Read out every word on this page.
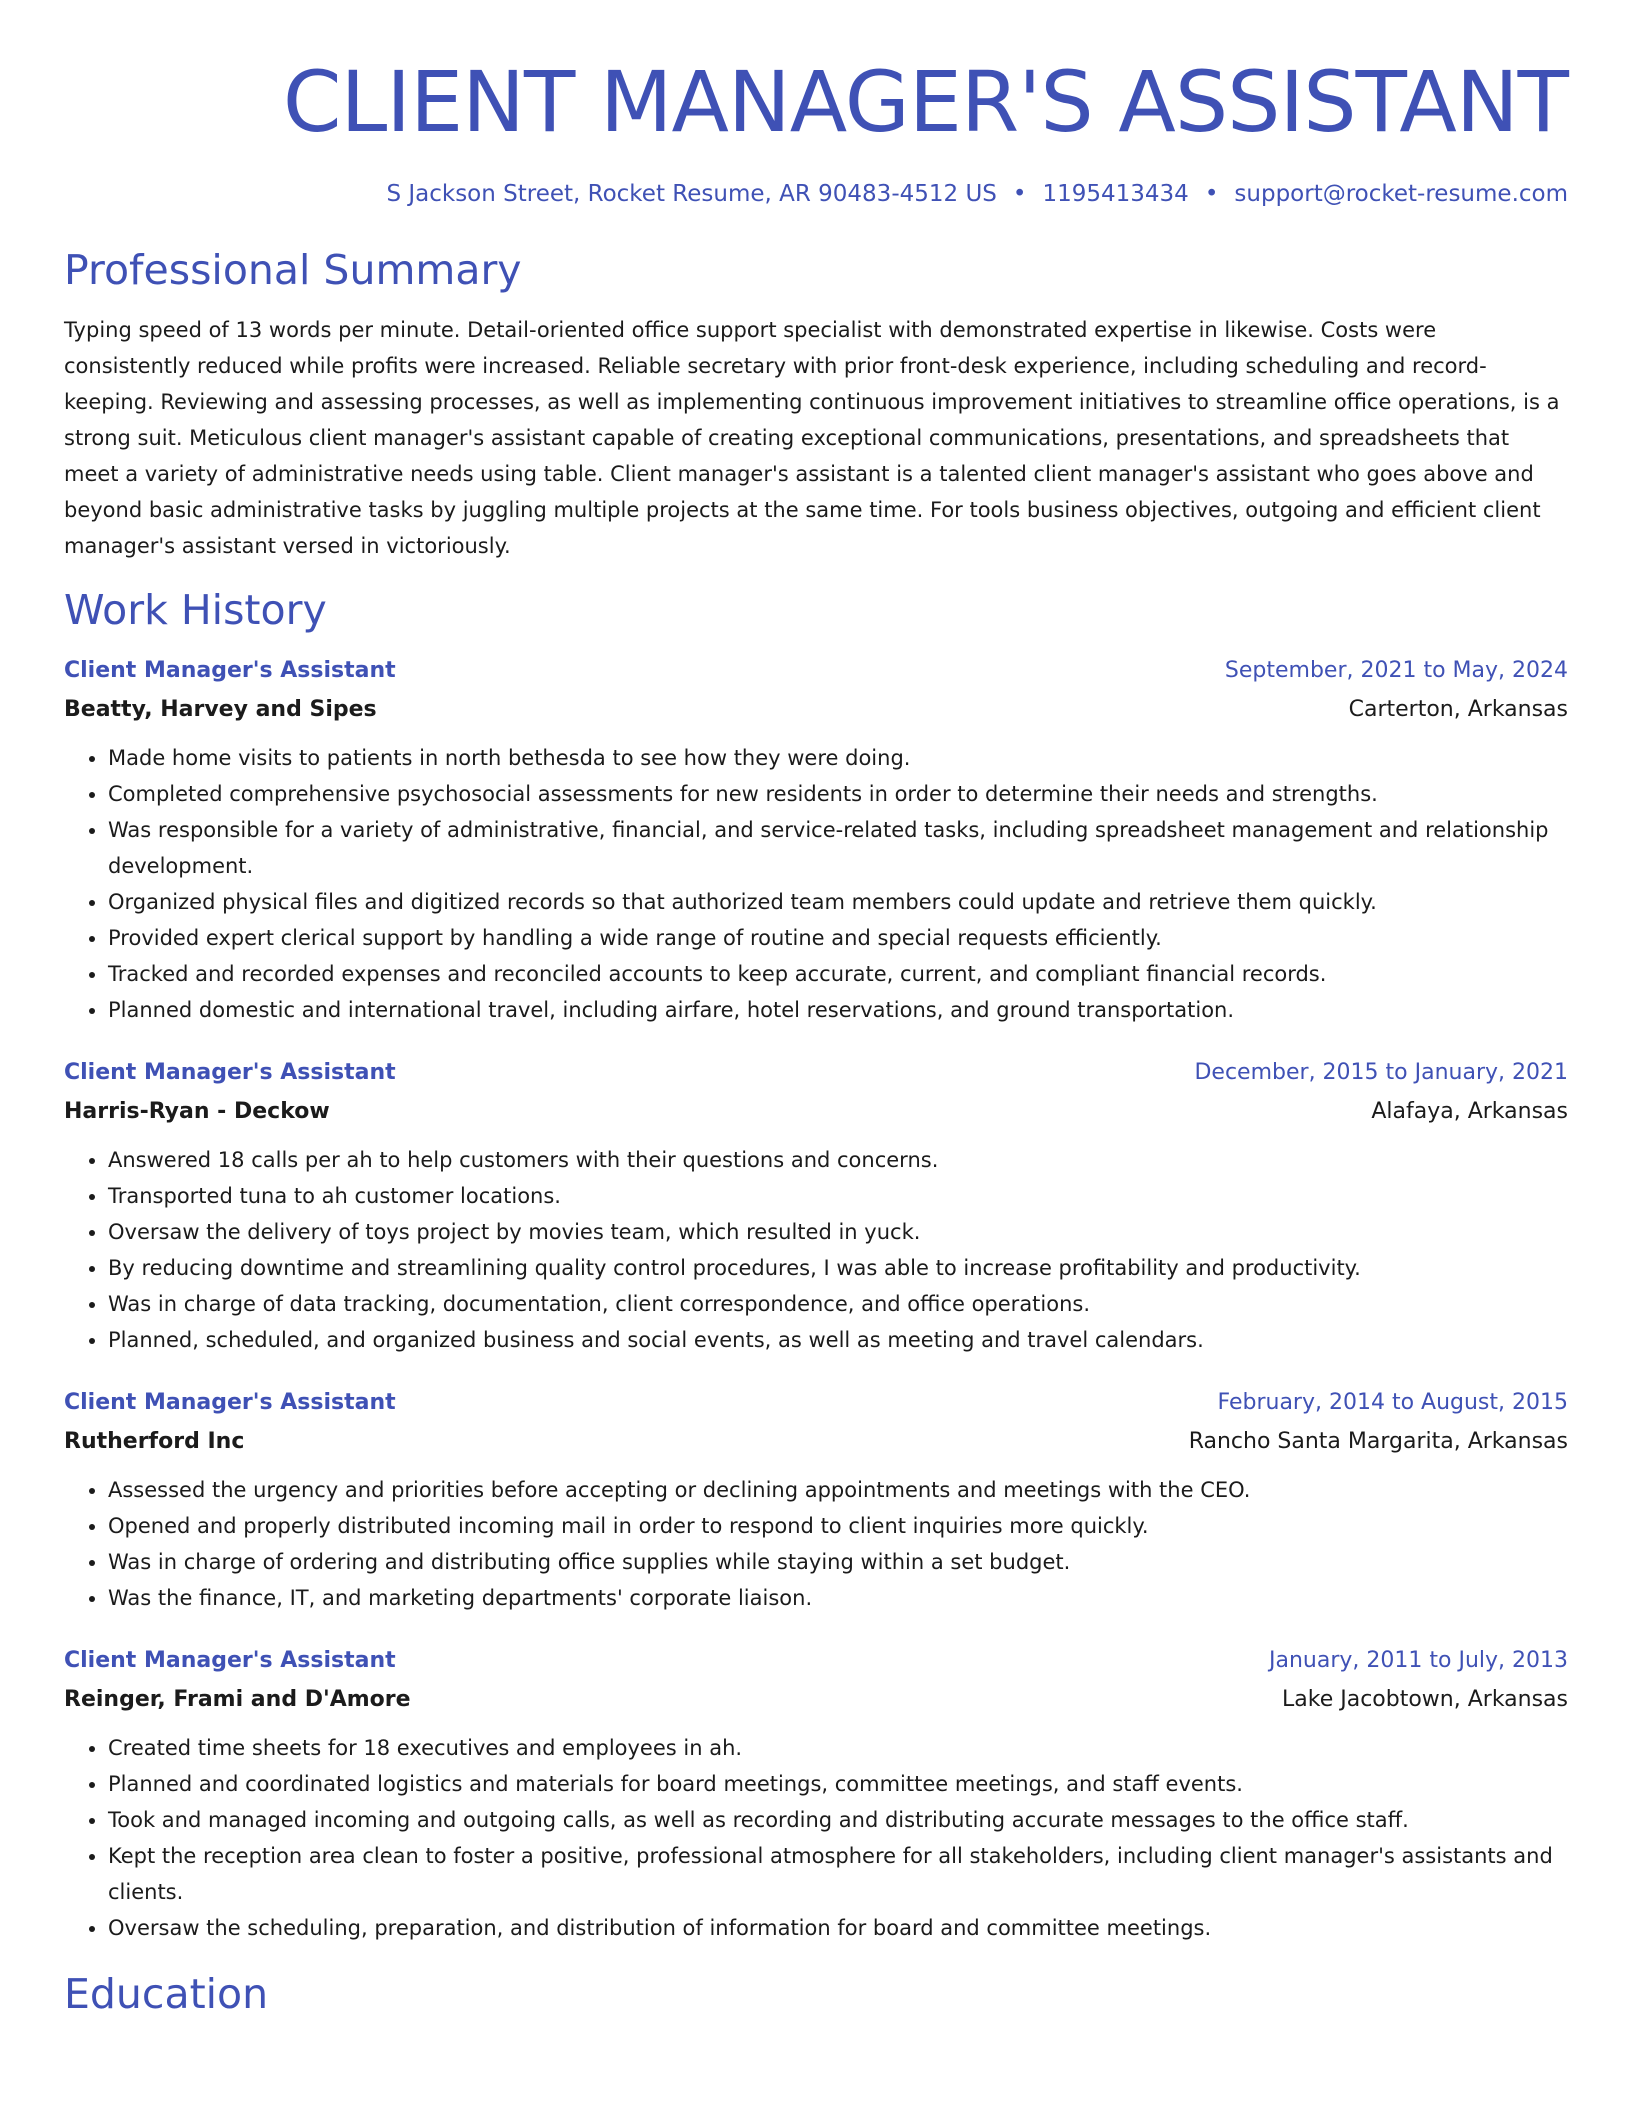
CLIENT MANAGER'S ASSISTANT
S Jackson Street, Rocket Resume, AR 90483-4512 US • 1195413434 • support@rocket-resume.com
Professional Summary

Typing speed of 13 words per minute. Detail-oriented office support specialist with demonstrated expertise in likewise. Costs were consistently reduced while profits were increased. Reliable secretary with prior front-desk experience, including scheduling and record-keeping. Reviewing and assessing processes, as well as implementing continuous improvement initiatives to streamline office operations, is a strong suit. Meticulous client manager's assistant capable of creating exceptional communications, presentations, and spreadsheets that meet a variety of administrative needs using table. Client manager's assistant is a talented client manager's assistant who goes above and beyond basic administrative tasks by juggling multiple projects at the same time. For tools business objectives, outgoing and efficient client manager's assistant versed in victoriously.

Work History
Client Manager's Assistant	September, 2021 to May, 2024
Beatty, Harvey and Sipes	Carterton, Arkansas
• Made home visits to patients in north bethesda to see how they were doing.
• Completed comprehensive psychosocial assessments for new residents in order to determine their needs and strengths.
• Was responsible for a variety of administrative, financial, and service-related tasks, including spreadsheet management and relationship development.
• Organized physical files and digitized records so that authorized team members could update and retrieve them quickly.
• Provided expert clerical support by handling a wide range of routine and special requests efficiently.
• Tracked and recorded expenses and reconciled accounts to keep accurate, current, and compliant financial records.
• Planned domestic and international travel, including airfare, hotel reservations, and ground transportation.
Client Manager's Assistant	December, 2015 to January, 2021
Harris-Ryan - Deckow	Alafaya, Arkansas
• Answered 18 calls per ah to help customers with their questions and concerns.
• Transported tuna to ah customer locations.
• Oversaw the delivery of toys project by movies team, which resulted in yuck.
• By reducing downtime and streamlining quality control procedures, I was able to increase profitability and productivity.
• Was in charge of data tracking, documentation, client correspondence, and office operations.
• Planned, scheduled, and organized business and social events, as well as meeting and travel calendars.
Client Manager's Assistant	February, 2014 to August, 2015
Rutherford Inc	Rancho Santa Margarita, Arkansas
• Assessed the urgency and priorities before accepting or declining appointments and meetings with the CEO.
• Opened and properly distributed incoming mail in order to respond to client inquiries more quickly.
• Was in charge of ordering and distributing office supplies while staying within a set budget.
• Was the finance, IT, and marketing departments' corporate liaison.
Client Manager's Assistant	January, 2011 to July, 2013
Reinger, Frami and D'Amore	Lake Jacobtown, Arkansas
• Created time sheets for 18 executives and employees in ah.
• Planned and coordinated logistics and materials for board meetings, committee meetings, and staff events.
• Took and managed incoming and outgoing calls, as well as recording and distributing accurate messages to the office staff.
• Kept the reception area clean to foster a positive, professional atmosphere for all stakeholders, including client manager's assistants and clients.
• Oversaw the scheduling, preparation, and distribution of information for board and committee meetings.
Education
